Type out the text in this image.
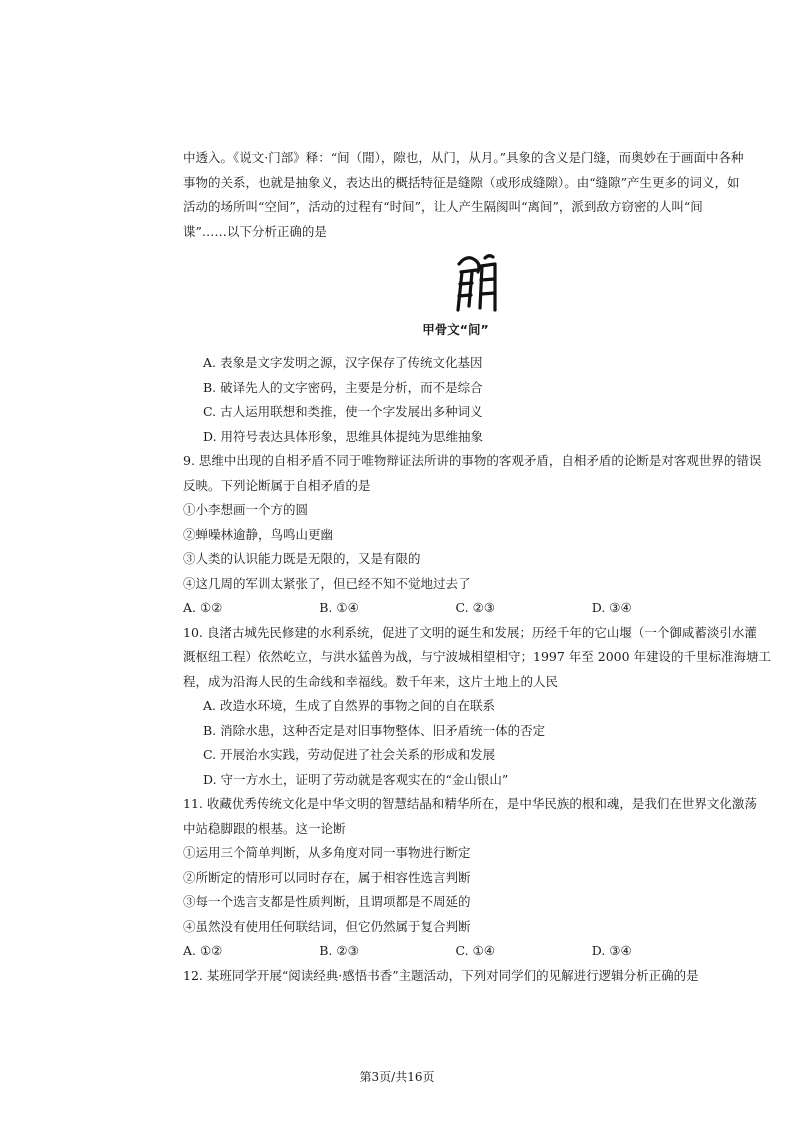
中透入。《说文·门部》释：“间（閒），隙也，从门，从月。”具象的含义是门缝，而奥妙在于画面中各种
事物的关系，也就是抽象义，表达出的概括特征是缝隙（或形成缝隙）。由“缝隙”产生更多的词义，如
活动的场所叫“空间”，活动的过程有“时间”，让人产生隔阂叫“离间”，派到敌方窃密的人叫“间
谍”……以下分析正确的是
甲骨文“间”
A. 表象是文字发明之源，汉字保存了传统文化基因
B. 破译先人的文字密码，主要是分析，而不是综合
C. 古人运用联想和类推，使一个字发展出多种词义
D. 用符号表达具体形象，思维具体提纯为思维抽象
9. 思维中出现的自相矛盾不同于唯物辩证法所讲的事物的客观矛盾，自相矛盾的论断是对客观世界的错误
反映。下列论断属于自相矛盾的是
①小李想画一个方的圆
②蝉噪林逾静，鸟鸣山更幽
③人类的认识能力既是无限的，又是有限的
④这几周的军训太紧张了，但已经不知不觉地过去了
A. ①②	B. ①④	C. ②③	D. ③④
10. 良渚古城先民修建的水利系统，促进了文明的诞生和发展；历经千年的它山堰（一个御咸蓄淡引水灌
溉枢纽工程）依然屹立，与洪水猛兽为战，与宁波城相望相守；1997 年至 2000 年建设的千里标准海塘工
程，成为沿海人民的生命线和幸福线。数千年来，这片土地上的人民
A. 改造水环境，生成了自然界的事物之间的自在联系
B. 消除水患，这种否定是对旧事物整体、旧矛盾统一体的否定
C. 开展治水实践，劳动促进了社会关系的形成和发展
D. 守一方水土，证明了劳动就是客观实在的“金山银山”
11. 收藏优秀传统文化是中华文明的智慧结晶和精华所在，是中华民族的根和魂，是我们在世界文化激荡
中站稳脚跟的根基。这一论断
①运用三个简单判断，从多角度对同一事物进行断定
②所断定的情形可以同时存在，属于相容性选言判断
③每一个选言支都是性质判断，且谓项都是不周延的
④虽然没有使用任何联结词，但它仍然属于复合判断
A. ①②	B. ②③	C. ①④	D. ③④
12. 某班同学开展“阅读经典·感悟书香”主题活动，下列对同学们的见解进行逻辑分析正确的是
第3页/共16页
